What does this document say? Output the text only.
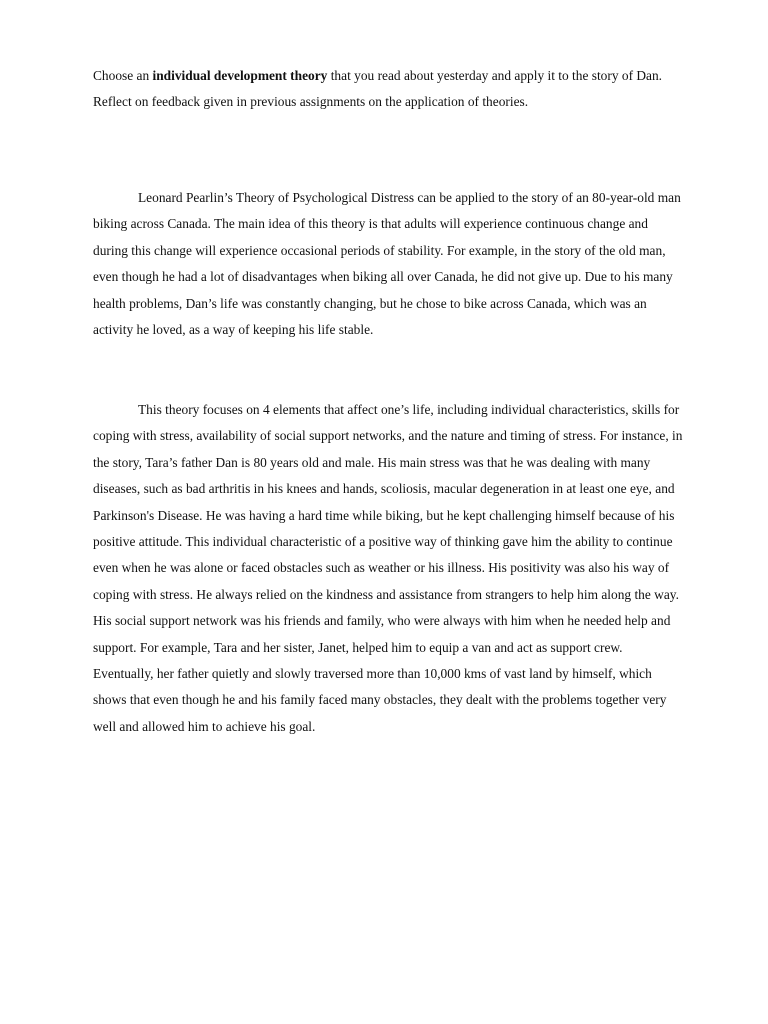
Choose an individual development theory that you read about yesterday and apply it to the story of Dan. Reflect on feedback given in previous assignments on the application of theories.

Leonard Pearlin’s Theory of Psychological Distress can be applied to the story of an 80-year-old man biking across Canada. The main idea of this theory is that adults will experience continuous change and during this change will experience occasional periods of stability. For example, in the story of the old man, even though he had a lot of disadvantages when biking all over Canada, he did not give up. Due to his many health problems, Dan’s life was constantly changing, but he chose to bike across Canada, which was an activity he loved, as a way of keeping his life stable.

This theory focuses on 4 elements that affect one’s life, including individual characteristics, skills for coping with stress, availability of social support networks, and the nature and timing of stress. For instance, in the story, Tara’s father Dan is 80 years old and male. His main stress was that he was dealing with many diseases, such as bad arthritis in his knees and hands, scoliosis, macular degeneration in at least one eye, and Parkinson's Disease. He was having a hard time while biking, but he kept challenging himself because of his positive attitude. This individual characteristic of a positive way of thinking gave him the ability to continue even when he was alone or faced obstacles such as weather or his illness. His positivity was also his way of coping with stress. He always relied on the kindness and assistance from strangers to help him along the way. His social support network was his friends and family, who were always with him when he needed help and support. For example, Tara and her sister, Janet, helped him to equip a van and act as support crew. Eventually, her father quietly and slowly traversed more than 10,000 kms of vast land by himself, which shows that even though he and his family faced many obstacles, they dealt with the problems together very well and allowed him to achieve his goal.
